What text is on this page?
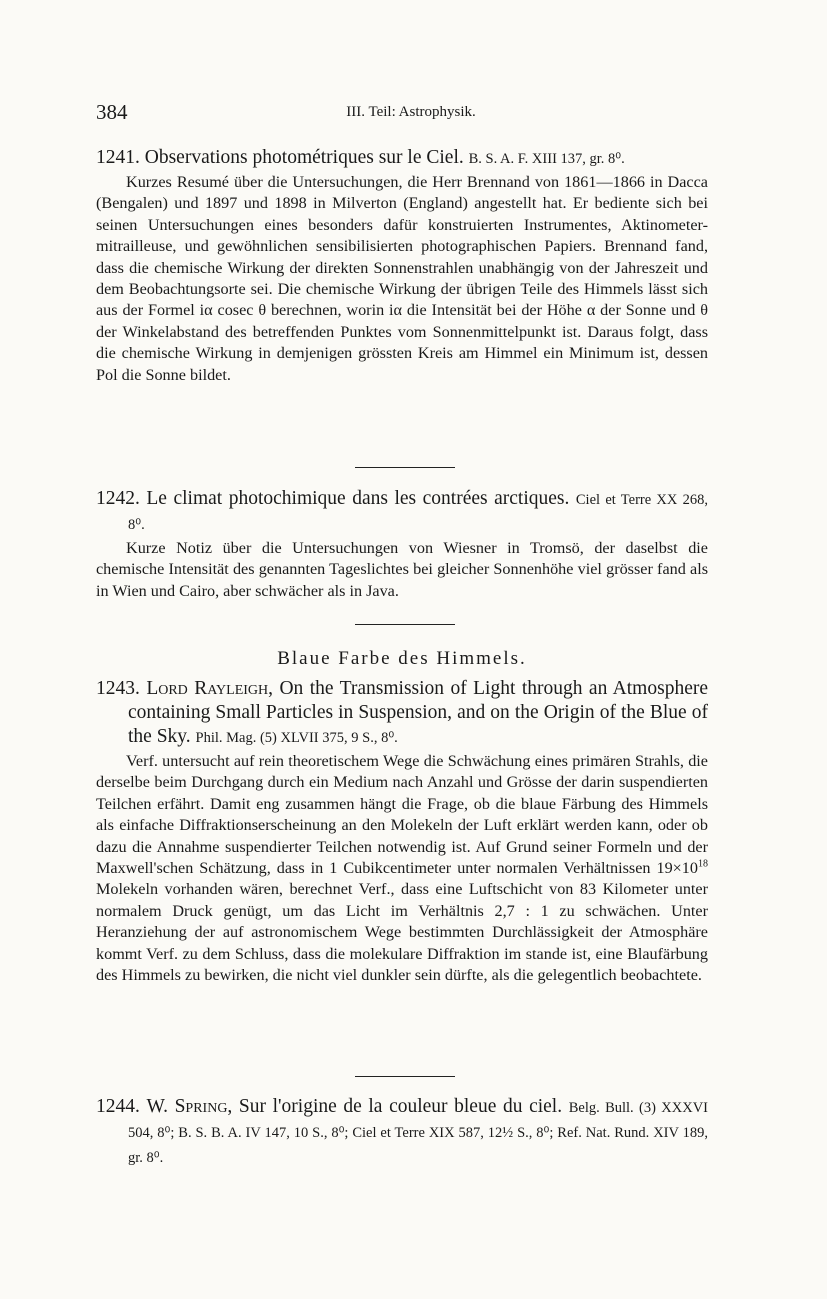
384	III. Teil: Astrophysik.
1241. Observations photométriques sur le Ciel. B. S. A. F. XIII 137, gr. 8⁰.
Kurzes Resumé über die Untersuchungen, die Herr Brennand von 1861—1866 in Dacca (Bengalen) und 1897 und 1898 in Milverton (England) angestellt hat. Er bediente sich bei seinen Untersuchungen eines besonders dafür konstruierten Instrumentes, Aktinometer-mitrailleuse, und gewöhnlichen sensibilisierten photographischen Papiers. Brennand fand, dass die chemische Wirkung der direkten Sonnenstrahlen unabhängig von der Jahreszeit und dem Beobachtungsorte sei. Die chemische Wirkung der übrigen Teile des Himmels lässt sich aus der Formel iα cosec θ berechnen, worin iα die Intensität bei der Höhe α der Sonne und θ der Winkelabstand des betreffenden Punktes vom Sonnenmittelpunkt ist. Daraus folgt, dass die chemische Wirkung in demjenigen grössten Kreis am Himmel ein Minimum ist, dessen Pol die Sonne bildet.
1242. Le climat photochimique dans les contrées arctiques. Ciel et Terre XX 268, 8⁰.
Kurze Notiz über die Untersuchungen von Wiesner in Tromsö, der daselbst die chemische Intensität des genannten Tageslichtes bei gleicher Sonnenhöhe viel grösser fand als in Wien und Cairo, aber schwächer als in Java.
Blaue Farbe des Himmels.
1243. Lord Rayleigh, On the Transmission of Light through an Atmosphere containing Small Particles in Suspension, and on the Origin of the Blue of the Sky. Phil. Mag. (5) XLVII 375, 9 S., 8⁰.
Verf. untersucht auf rein theoretischem Wege die Schwächung eines primären Strahls, die derselbe beim Durchgang durch ein Medium nach Anzahl und Grösse der darin suspendierten Teilchen erfährt. Damit eng zusammen hängt die Frage, ob die blaue Färbung des Himmels als einfache Diffraktionserscheinung an den Molekeln der Luft erklärt werden kann, oder ob dazu die Annahme suspendierter Teilchen notwendig ist. Auf Grund seiner Formeln und der Maxwell'schen Schätzung, dass in 1 Cubikcentimeter unter normalen Verhältnissen $19\times 10^{18}$ Molekeln vorhanden wären, berechnet Verf., dass eine Luftschicht von 83 Kilometer unter normalem Druck genügt, um das Licht im Verhältnis 2,7 : 1 zu schwächen. Unter Heranziehung der auf astronomischem Wege bestimmten Durchlässigkeit der Atmosphäre kommt Verf. zu dem Schluss, dass die molekulare Diffraktion im stande ist, eine Blaufärbung des Himmels zu bewirken, die nicht viel dunkler sein dürfte, als die gelegentlich beobachtete.
1244. W. Spring, Sur l'origine de la couleur bleue du ciel. Belg. Bull. (3) XXXVI 504, 8⁰; B. S. B. A. IV 147, 10 S., 8⁰; Ciel et Terre XIX 587, 12½ S., 8⁰; Ref. Nat. Rund. XIV 189, gr. 8⁰.
